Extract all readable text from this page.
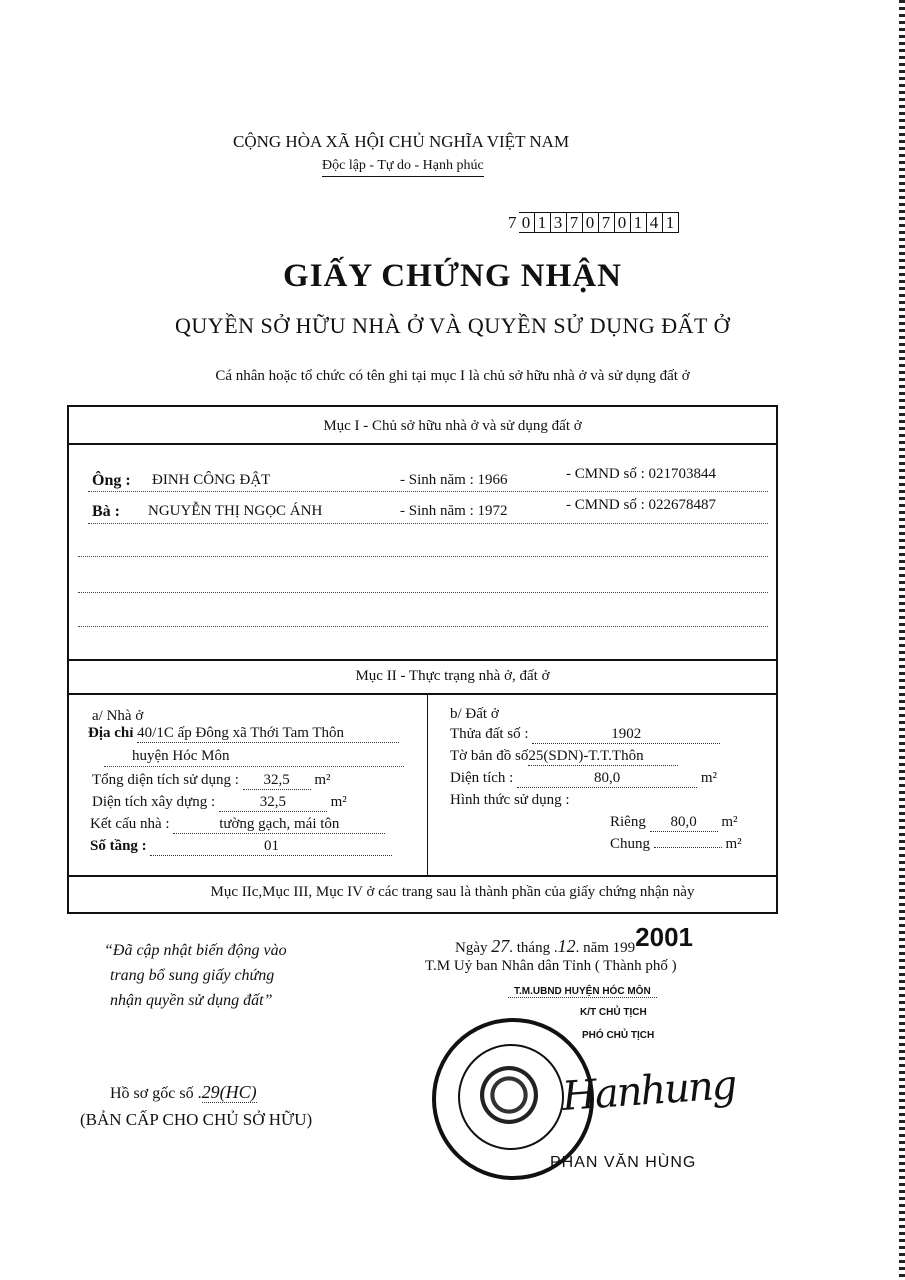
CỘNG HÒA XÃ HỘI CHỦ NGHĨA VIỆT NAM
Độc lập - Tự do - Hạnh phúc
7 0 1 3 7 0 7 0 1 4 1
GIẤY CHỨNG NHẬN
QUYỀN SỞ HỮU NHÀ Ở VÀ QUYỀN SỬ DỤNG ĐẤT Ở
Cá nhân hoặc tổ chức có tên ghi tại mục I là chủ sở hữu nhà ở và sử dụng đất ở
Mục I - Chủ sở hữu nhà ở và sử dụng đất ở
Ông : ĐINH CÔNG ĐẬT	- Sinh năm : 1966	- CMND số : 021703844
Bà : NGUYỄN THỊ NGỌC ÁNH	- Sinh năm : 1972	- CMND số : 022678487
Mục II - Thực trạng nhà ở, đất ở
a/ Nhà ở
Địa chỉ 40/1C ấp Đông xã Thới Tam Thôn
huyện Hóc Môn
Tổng diện tích sử dụng : 32,5 m²
Diện tích xây dựng :	32,5	m²
Kết cấu nhà :	tường gạch, mái tôn
Số tầng :	01
b/ Đất ở
Thửa đất số :	1902
Tờ bản đồ số25(SDN)-T.T.Thôn
Diện tích :	80,0	m²
Hình thức sử dụng :
Riêng 80,0 m²
Chung	m²
Mục IIc,Mục III, Mục IV ở các trang sau là thành phần của giấy chứng nhận này
“Đã cập nhật biến động vào
trang bổ sung giấy chứng
nhận quyền sử dụng đất”
Ngày 27. tháng .12. năm 1992001
T.M Uỷ ban Nhân dân Tỉnh ( Thành phố )
T.M.UBND HUYỆN HÓC MÔN
K/T CHỦ TỊCH
PHÓ CHỦ TỊCH
Hanhung
PHAN VĂN HÙNG
Hồ sơ gốc số .29(HC)
(BẢN CẤP CHO CHỦ SỞ HỮU)
